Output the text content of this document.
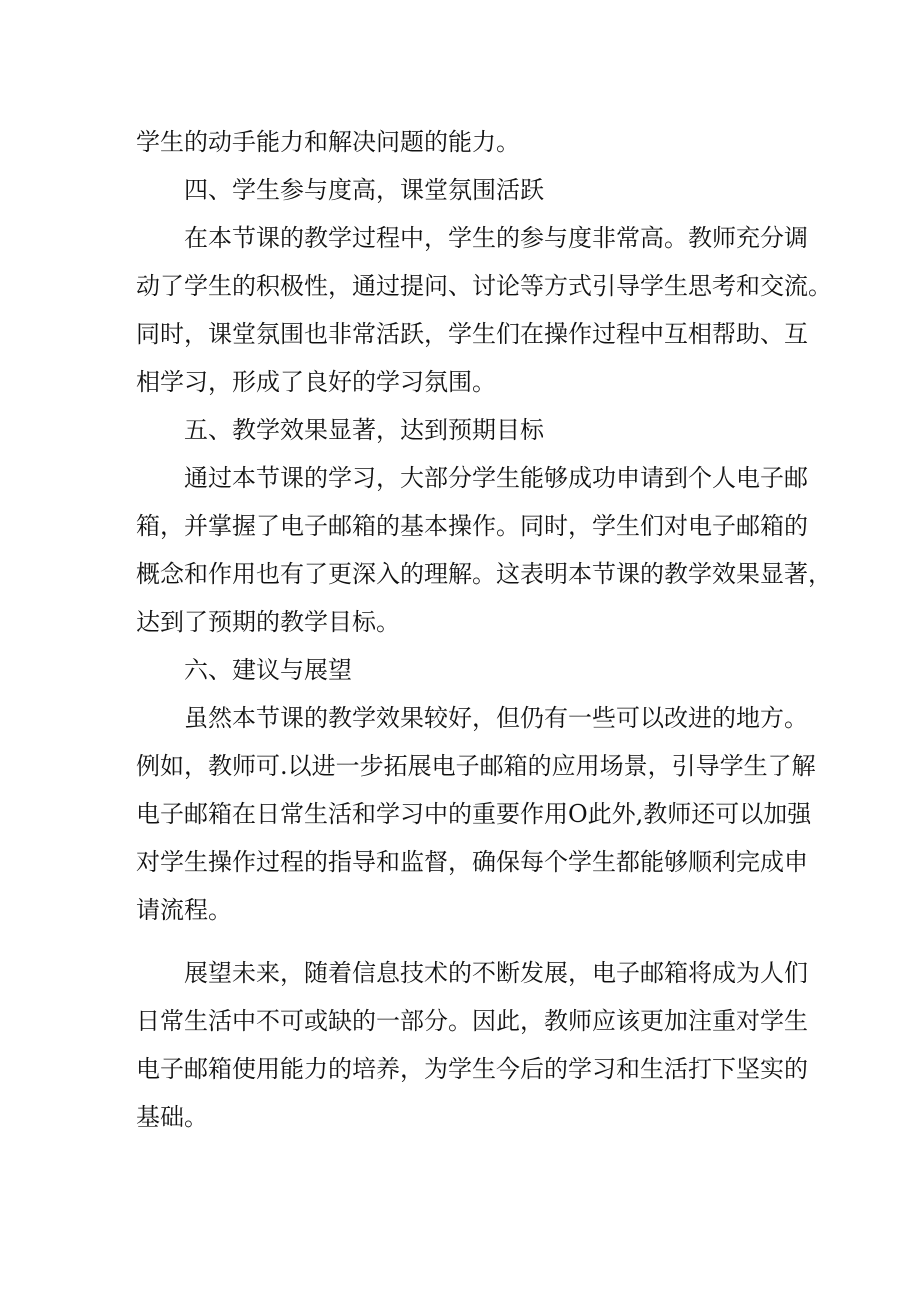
学生的动手能力和解决问题的能力。
四、学生参与度高，课堂氛围活跃
在本节课的教学过程中，学生的参与度非常高。教师充分调
动了学生的积极性，通过提问、讨论等方式引导学生思考和交流。
同时，课堂氛围也非常活跃，学生们在操作过程中互相帮助、互
相学习，形成了良好的学习氛围。
五、教学效果显著，达到预期目标
通过本节课的学习，大部分学生能够成功申请到个人电子邮
箱，并掌握了电子邮箱的基本操作。同时，学生们对电子邮箱的
概念和作用也有了更深入的理解。这表明本节课的教学效果显著，
达到了预期的教学目标。
六、建议与展望
虽然本节课的教学效果较好，但仍有一些可以改进的地方。
例如，教师可.以进一步拓展电子邮箱的应用场景，引导学生了解
电子邮箱在日常生活和学习中的重要作用O此外,教师还可以加强
对学生操作过程的指导和监督，确保每个学生都能够顺利完成申
请流程。
展望未来，随着信息技术的不断发展，电子邮箱将成为人们
日常生活中不可或缺的一部分。因此，教师应该更加注重对学生
电子邮箱使用能力的培养，为学生今后的学习和生活打下坚实的
基础。
